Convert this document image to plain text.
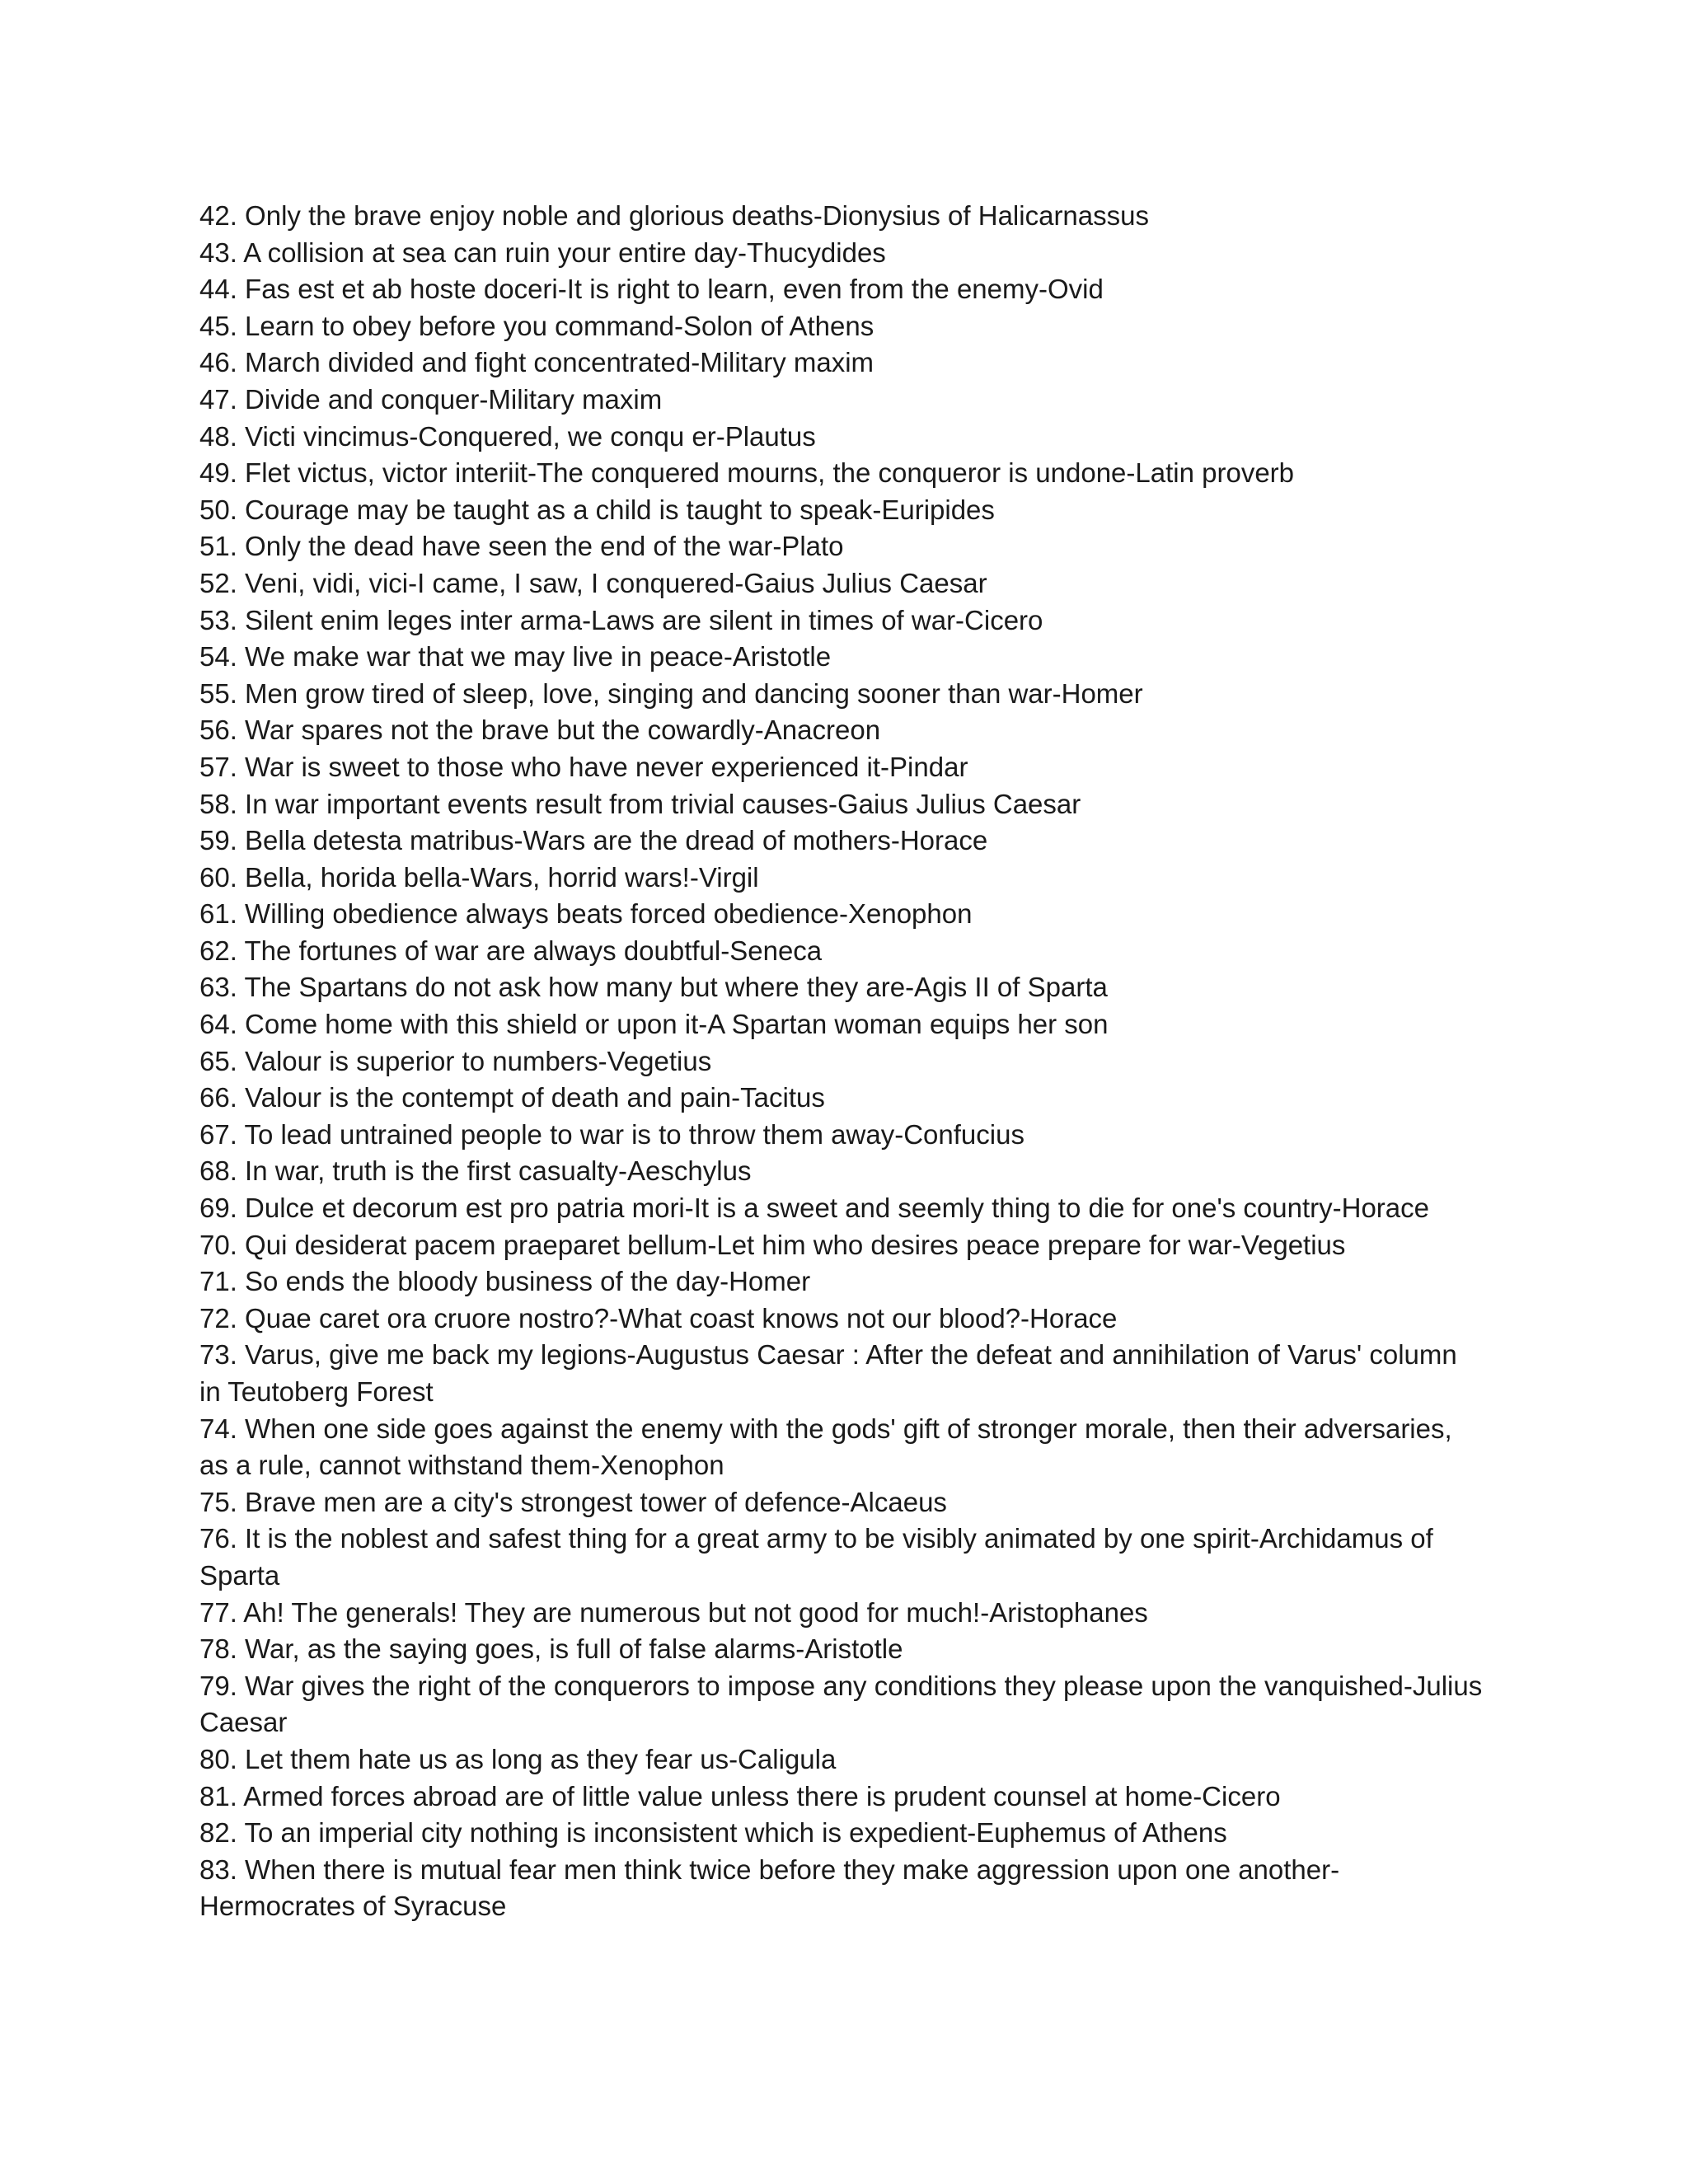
42. Only the brave enjoy noble and glorious deaths-Dionysius of Halicarnassus
43. A collision at sea can ruin your entire day-Thucydides
44. Fas est et ab hoste doceri-It is right to learn, even from the enemy-Ovid
45. Learn to obey before you command-Solon of Athens
46. March divided and fight concentrated-Military maxim
47. Divide and conquer-Military maxim
48. Victi vincimus-Conquered, we conqu er-Plautus
49. Flet victus, victor interiit-The conquered mourns, the conqueror is undone-Latin proverb
50. Courage may be taught as a child is taught to speak-Euripides
51. Only the dead have seen the end of the war-Plato
52. Veni, vidi, vici-I came, I saw, I conquered-Gaius Julius Caesar
53. Silent enim leges inter arma-Laws are silent in times of war-Cicero
54. We make war that we may live in peace-Aristotle
55. Men grow tired of sleep, love, singing and dancing sooner than war-Homer
56. War spares not the brave but the cowardly-Anacreon
57. War is sweet to those who have never experienced it-Pindar
58. In war important events result from trivial causes-Gaius Julius Caesar
59. Bella detesta matribus-Wars are the dread of mothers-Horace
60. Bella, horida bella-Wars, horrid wars!-Virgil
61. Willing obedience always beats forced obedience-Xenophon
62. The fortunes of war are always doubtful-Seneca
63. The Spartans do not ask how many but where they are-Agis II of Sparta
64. Come home with this shield or upon it-A Spartan woman equips her son
65. Valour is superior to numbers-Vegetius
66. Valour is the contempt of death and pain-Tacitus
67. To lead untrained people to war is to throw them away-Confucius
68. In war, truth is the first casualty-Aeschylus
69. Dulce et decorum est pro patria mori-It is a sweet and seemly thing to die for one's country-Horace
70. Qui desiderat pacem praeparet bellum-Let him who desires peace prepare for war-Vegetius
71. So ends the bloody business of the day-Homer
72. Quae caret ora cruore nostro?-What coast knows not our blood?-Horace
73. Varus, give me back my legions-Augustus Caesar : After the defeat and annihilation of Varus' column in Teutoberg Forest
74. When one side goes against the enemy with the gods' gift of stronger morale, then their adversaries, as a rule, cannot withstand them-Xenophon
75. Brave men are a city's strongest tower of defence-Alcaeus
76. It is the noblest and safest thing for a great army to be visibly animated by one spirit-Archidamus of Sparta
77. Ah! The generals! They are numerous but not good for much!-Aristophanes
78. War, as the saying goes, is full of false alarms-Aristotle
79. War gives the right of the conquerors to impose any conditions they please upon the vanquished-Julius Caesar
80. Let them hate us as long as they fear us-Caligula
81. Armed forces abroad are of little value unless there is prudent counsel at home-Cicero
82. To an imperial city nothing is inconsistent which is expedient-Euphemus of Athens
83. When there is mutual fear men think twice before they make aggression upon one another-Hermocrates of Syracuse
